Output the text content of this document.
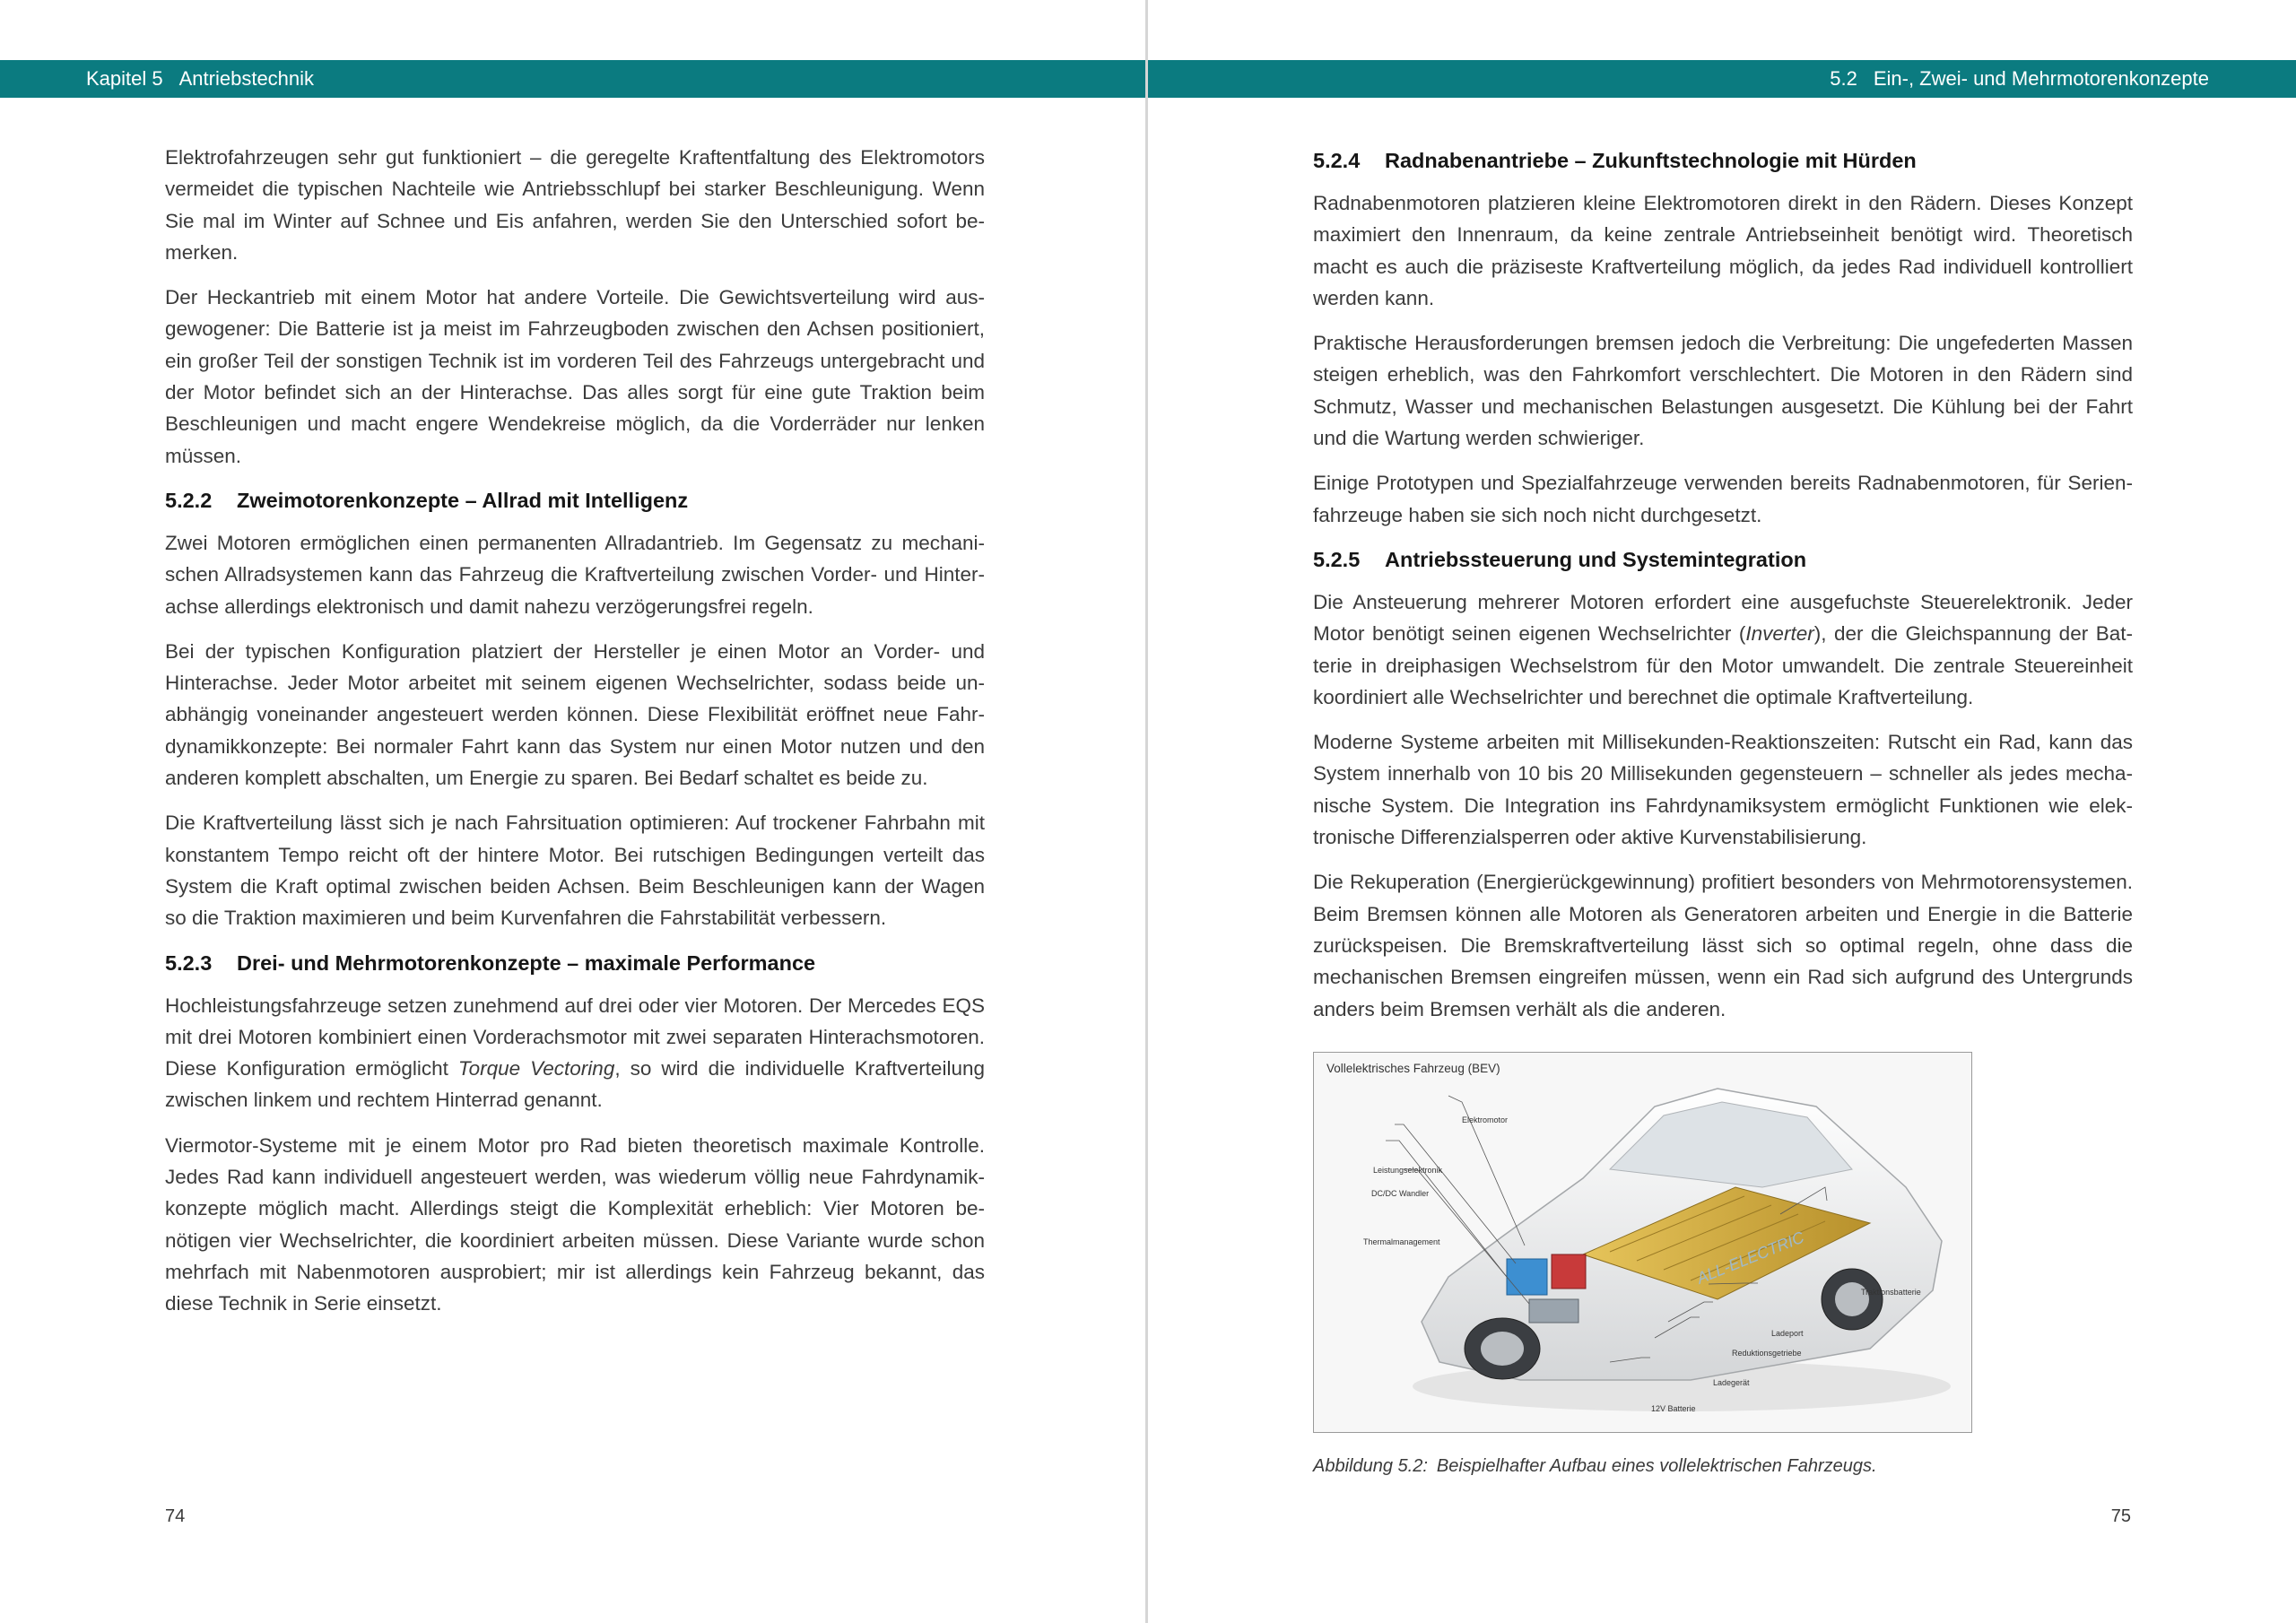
Kapitel 5 Antriebstechnik

Elektrofahrzeugen sehr gut funktioniert – die geregelte Kraftentfaltung des Elektromotors vermeidet die typischen Nachteile wie Antriebsschlupf bei starker Beschleunigung. Wenn Sie mal im Winter auf Schnee und Eis anfahren, werden Sie den Unterschied sofort bemerken.

Der Heckantrieb mit einem Motor hat andere Vorteile. Die Gewichtsverteilung wird ausgewogener: Die Batterie ist ja meist im Fahrzeugboden zwischen den Achsen positioniert, ein großer Teil der sonstigen Technik ist im vorderen Teil des Fahrzeugs untergebracht und der Motor befindet sich an der Hinterachse. Das alles sorgt für eine gute Traktion beim Beschleunigen und macht engere Wendekreise möglich, da die Vorderräder nur lenken müssen.

5.2.2 Zweimotorenkonzepte – Allrad mit Intelligenz

Zwei Motoren ermöglichen einen permanenten Allradantrieb. Im Gegensatz zu mechanischen Allradsystemen kann das Fahrzeug die Kraftverteilung zwischen Vorder- und Hinterachse allerdings elektronisch und damit nahezu verzögerungsfrei regeln.

Bei der typischen Konfiguration platziert der Hersteller je einen Motor an Vorder- und Hinterachse. Jeder Motor arbeitet mit seinem eigenen Wechselrichter, sodass beide unabhängig voneinander angesteuert werden können. Diese Flexibilität eröffnet neue Fahrdynamikkonzepte: Bei normaler Fahrt kann das System nur einen Motor nutzen und den anderen komplett abschalten, um Energie zu sparen. Bei Bedarf schaltet es beide zu.

Die Kraftverteilung lässt sich je nach Fahrsituation optimieren: Auf trockener Fahrbahn mit konstantem Tempo reicht oft der hintere Motor. Bei rutschigen Bedingungen verteilt das System die Kraft optimal zwischen beiden Achsen. Beim Beschleunigen kann der Wagen so die Traktion maximieren und beim Kurvenfahren die Fahrstabilität verbessern.

5.2.3 Drei- und Mehrmotorenkonzepte – maximale Performance

Hochleistungsfahrzeuge setzen zunehmend auf drei oder vier Motoren. Der Mercedes EQS mit drei Motoren kombiniert einen Vorderachsmotor mit zwei separaten Hinterachsmotoren. Diese Konfiguration ermöglicht Torque Vectoring, so wird die individuelle Kraftverteilung zwischen linkem und rechtem Hinterrad genannt.

Viermotor-Systeme mit je einem Motor pro Rad bieten theoretisch maximale Kontrolle. Jedes Rad kann individuell angesteuert werden, was wiederum völlig neue Fahrdynamikkonzepte möglich macht. Allerdings steigt die Komplexität erheblich: Vier Motoren benötigen vier Wechselrichter, die koordiniert arbeiten müssen. Diese Variante wurde schon mehrfach mit Nabenmotoren ausprobiert; mir ist allerdings kein Fahrzeug bekannt, das diese Technik in Serie einsetzt.

74
5.2 Ein-, Zwei- und Mehrmotorenkonzepte
5.2.4 Radnabenantriebe – Zukunftstechnologie mit Hürden

Radnabenmotoren platzieren kleine Elektromotoren direkt in den Rädern. Dieses Konzept maximiert den Innenraum, da keine zentrale Antriebseinheit benötigt wird. Theoretisch macht es auch die präziseste Kraftverteilung möglich, da jedes Rad individuell kontrolliert werden kann.

Praktische Herausforderungen bremsen jedoch die Verbreitung: Die ungefederten Massen steigen erheblich, was den Fahrkomfort verschlechtert. Die Motoren in den Rädern sind Schmutz, Wasser und mechanischen Belastungen ausgesetzt. Die Kühlung bei der Fahrt und die Wartung werden schwieriger.

Einige Prototypen und Spezialfahrzeuge verwenden bereits Radnabenmotoren, für Serienfahrzeuge haben sie sich noch nicht durchgesetzt.

5.2.5 Antriebssteuerung und Systemintegration

Die Ansteuerung mehrerer Motoren erfordert eine ausgefuchste Steuerelektronik. Jeder Motor benötigt seinen eigenen Wechselrichter (Inverter), der die Gleichspannung der Batterie in dreiphasigen Wechselstrom für den Motor umwandelt. Die zentrale Steuereinheit koordiniert alle Wechselrichter und berechnet die optimale Kraftverteilung.

Moderne Systeme arbeiten mit Millisekunden-Reaktionszeiten: Rutscht ein Rad, kann das System innerhalb von 10 bis 20 Millisekunden gegensteuern – schneller als jedes mechanische System. Die Integration ins Fahrdynamiksystem ermöglicht Funktionen wie elektronische Differenzialsperren oder aktive Kurvenstabilisierung.

Die Rekuperation (Energierückgewinnung) profitiert besonders von Mehrmotorensystemen. Beim Bremsen können alle Motoren als Generatoren arbeiten und Energie in die Batterie zurückspeisen. Die Bremskraftverteilung lässt sich so optimal regeln, ohne dass die mechanischen Bremsen eingreifen müssen, wenn ein Rad sich aufgrund des Untergrunds anders beim Bremsen verhält als die anderen.

Vollelektrisches Fahrzeug (BEV)
ALL-ELECTRIC
Elektromotor
Leistungselektronik
DC/DC Wandler
Thermalmanagement
Traktionsbatterie
Ladeport
Reduktionsgetriebe
Ladegerät
12V Batterie
Abbildung 5.2: Beispielhafter Aufbau eines vollelektrischen Fahrzeugs.
75
